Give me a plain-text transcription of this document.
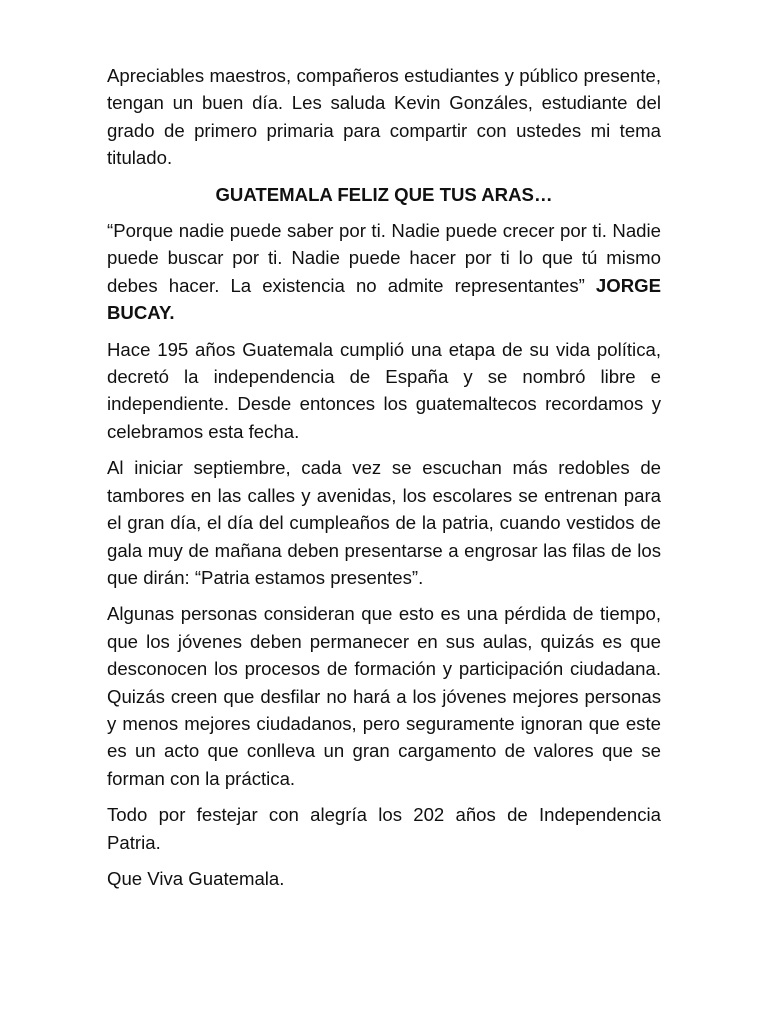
Apreciables maestros, compañeros estudiantes y público presente, tengan un buen día. Les saluda Kevin Gonzáles, estudiante del grado de primero primaria para compartir con ustedes mi tema titulado.

GUATEMALA FELIZ QUE TUS ARAS…

“Porque nadie puede saber por ti. Nadie puede crecer por ti. Nadie puede buscar por ti. Nadie puede hacer por ti lo que tú mismo debes hacer. La existencia no admite representantes” JORGE BUCAY.

Hace 195 años Guatemala cumplió una etapa de su vida política, decretó la independencia de España y se nombró libre e independiente. Desde entonces los guatemaltecos recordamos y celebramos esta fecha.

Al iniciar septiembre, cada vez se escuchan más redobles de tambores en las calles y avenidas, los escolares se entrenan para el gran día, el día del cumpleaños de la patria, cuando vestidos de gala muy de mañana deben presentarse a engrosar las filas de los que dirán: “Patria estamos presentes”.

Algunas personas consideran que esto es una pérdida de tiempo, que los jóvenes deben permanecer en sus aulas, quizás es que desconocen los procesos de formación y participación ciudadana. Quizás creen que desfilar no hará a los jóvenes mejores personas y menos mejores ciudadanos, pero seguramente ignoran que este es un acto que conlleva un gran cargamento de valores que se forman con la práctica.

Todo por festejar con alegría los 202 años de Independencia Patria.

Que Viva Guatemala.
